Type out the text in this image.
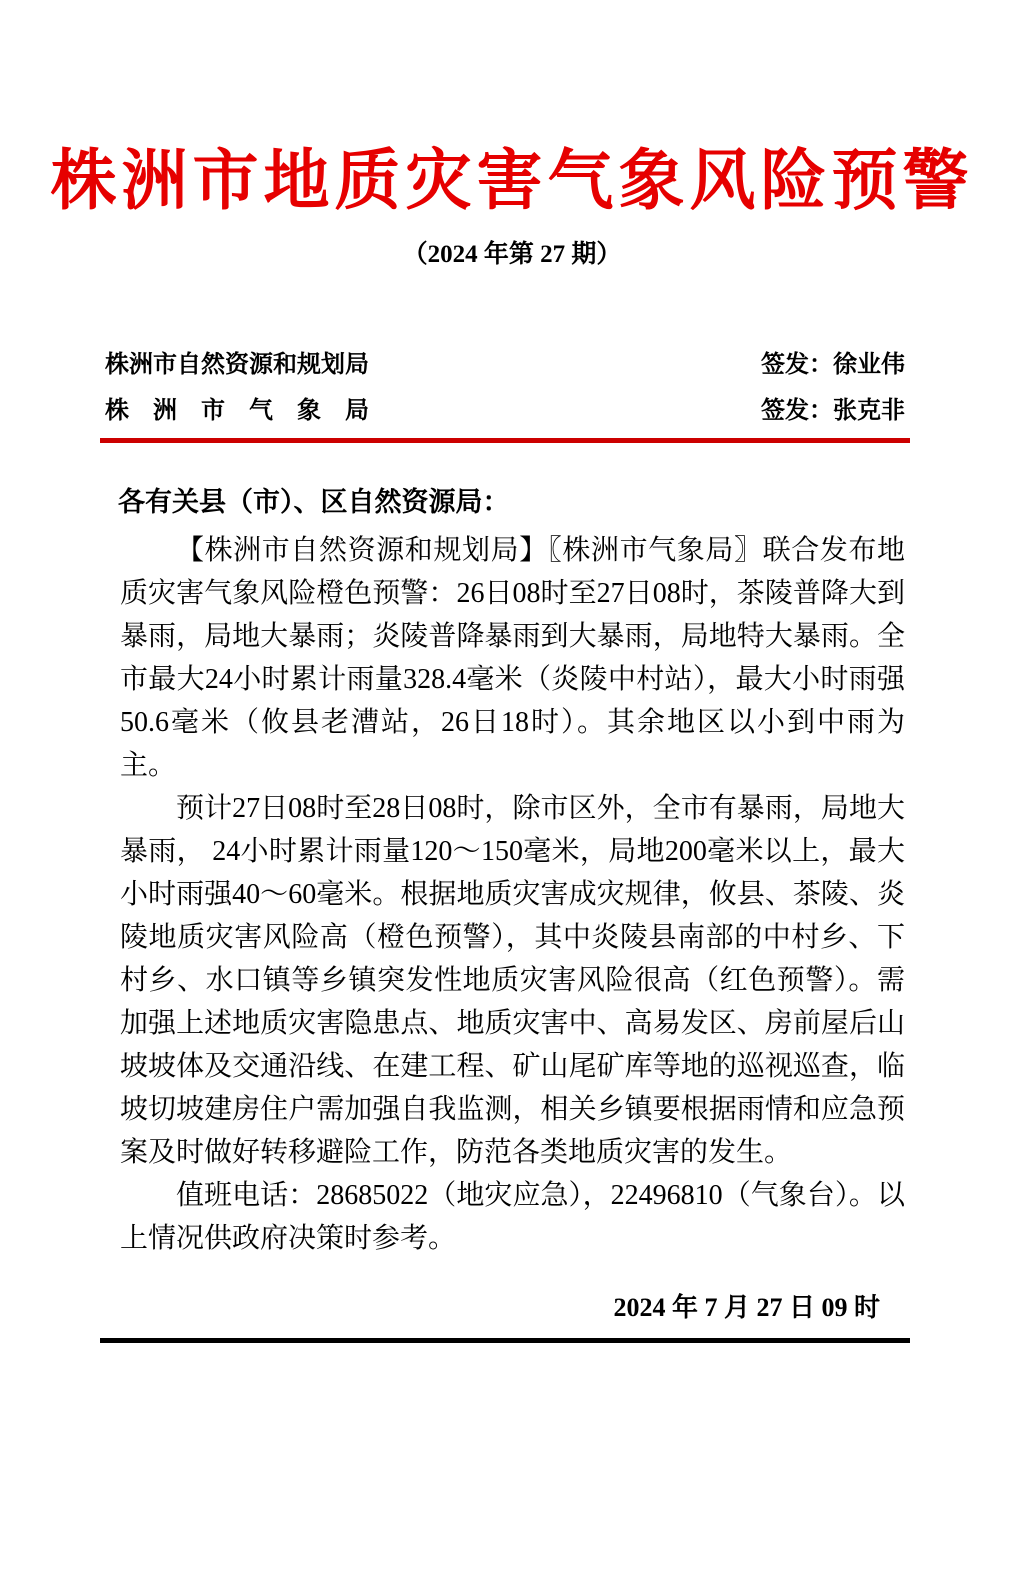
株洲市地质灾害气象风险预警
（2024 年第 27 期）
株洲市自然资源和规划局	签发：徐业伟
株　洲　市　气　象　局	签发：张克非
各有关县（市）、区自然资源局：

【株洲市自然资源和规划局】〖株洲市气象局〗联合发布地质灾害气象风险橙色预警：26日08时至27日08时，茶陵普降大到暴雨，局地大暴雨；炎陵普降暴雨到大暴雨，局地特大暴雨。全市最大24小时累计雨量328.4毫米（炎陵中村站），最大小时雨强50.6毫米（攸县老漕站，26日18时）。其余地区以小到中雨为主。

预计27日08时至28日08时，除市区外，全市有暴雨，局地大暴雨， 24小时累计雨量120～150毫米，局地200毫米以上，最大小时雨强40～60毫米。根据地质灾害成灾规律，攸县、茶陵、炎陵地质灾害风险高（橙色预警），其中炎陵县南部的中村乡、下村乡、水口镇等乡镇突发性地质灾害风险很高（红色预警）。需加强上述地质灾害隐患点、地质灾害中、高易发区、房前屋后山坡坡体及交通沿线、在建工程、矿山尾矿库等地的巡视巡查，临坡切坡建房住户需加强自我监测，相关乡镇要根据雨情和应急预案及时做好转移避险工作，防范各类地质灾害的发生。

值班电话：28685022（地灾应急），22496810（气象台）。以上情况供政府决策时参考。

2024 年 7 月 27 日 09 时
